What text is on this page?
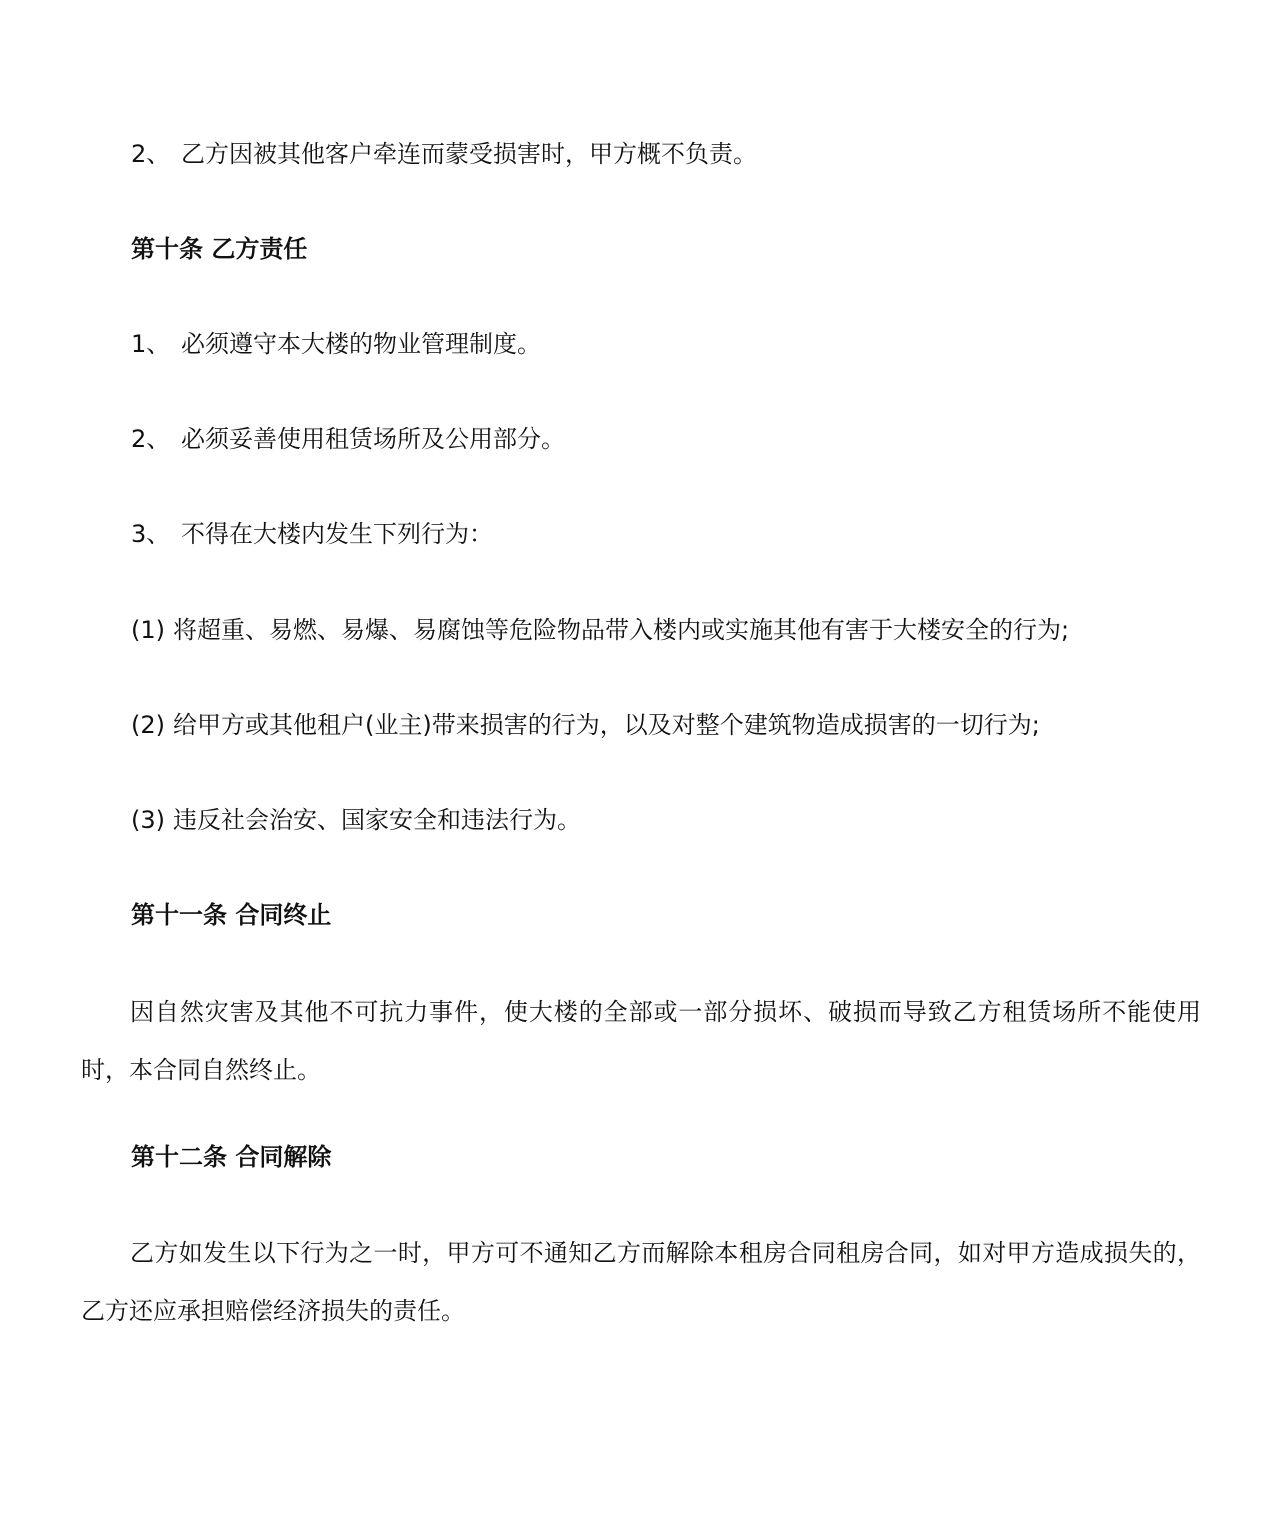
2、 乙方因被其他客户牵连而蒙受损害时，甲方概不负责。

第十条 乙方责任

1、 必须遵守本大楼的物业管理制度。

2、 必须妥善使用租赁场所及公用部分。

3、 不得在大楼内发生下列行为：

(1) 将超重、易燃、易爆、易腐蚀等危险物品带入楼内或实施其他有害于大楼安全的行为;

(2) 给甲方或其他租户(业主)带来损害的行为，以及对整个建筑物造成损害的一切行为;

(3) 违反社会治安、国家安全和违法行为。

第十一条 合同终止

因自然灾害及其他不可抗力事件，使大楼的全部或一部分损坏、破损而导致乙方租赁场所不能使用时，本合同自然终止。

第十二条 合同解除

乙方如发生以下行为之一时，甲方可不通知乙方而解除本租房合同租房合同，如对甲方造成损失的，乙方还应承担赔偿经济损失的责任。
